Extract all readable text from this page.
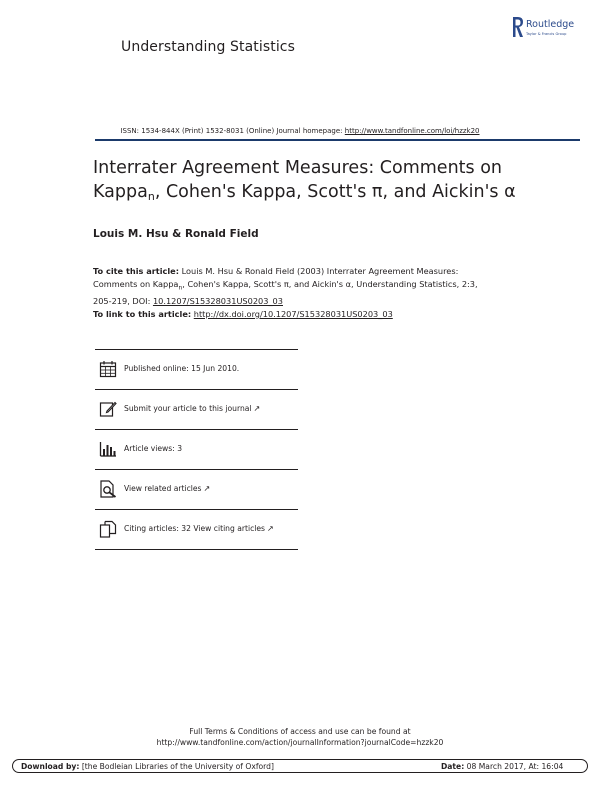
Understanding Statistics
Routledge
Taylor & Francis Group
ISSN: 1534-844X (Print) 1532-8031 (Online) Journal homepage: http://www.tandfonline.com/loi/hzzk20
Interrater Agreement Measures: Comments on
Kappa$_n$, Cohen's Kappa, Scott's π, and Aickin's α
Louis M. Hsu & Ronald Field
To cite this article: Louis M. Hsu & Ronald Field (2003) Interrater Agreement Measures: Comments on Kappa$_n$, Cohen's Kappa, Scott's π, and Aickin's α, Understanding Statistics, 2:3, 205-219, DOI: 10.1207/S15328031US0203_03
To link to this article: http://dx.doi.org/10.1207/S15328031US0203_03
Published online: 15 Jun 2010.
Submit your article to this journal ↗
Article views: 3
View related articles ↗
Citing articles: 32 View citing articles ↗
Full Terms & Conditions of access and use can be found at
http://www.tandfonline.com/action/journalInformation?journalCode=hzzk20
Download by: [the Bodleian Libraries of the University of Oxford]	Date: 08 March 2017, At: 16:04
